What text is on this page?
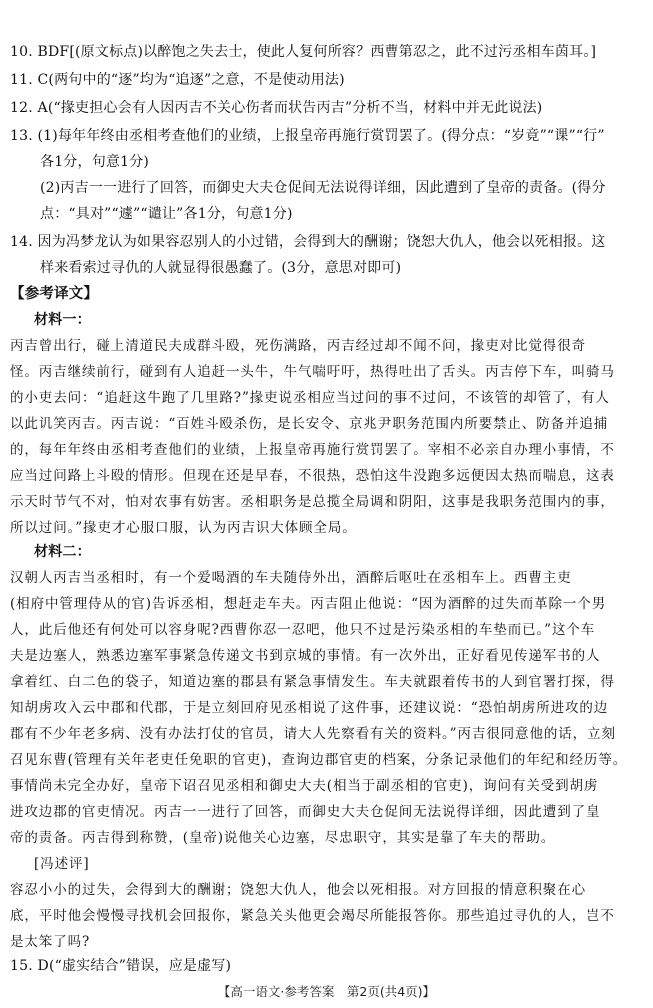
10. BDF[(原文标点)以醉饱之失去士，使此人复何所容？西曹第忍之，此不过污丞相车茵耳。]
11. C(两句中的“逐”均为“追逐”之意，不是使动用法)
12. A(“掾吏担心会有人因丙吉不关心伤者而状告丙吉”分析不当，材料中并无此说法)
13. (1)每年年终由丞相考查他们的业绩，上报皇帝再施行赏罚罢了。(得分点：“岁竟”“课”“行”
各1分，句意1分)
(2)丙吉一一进行了回答，而御史大夫仓促间无法说得详细，因此遭到了皇帝的责备。(得分
点：“具对”“遽”“谴让”各1分，句意1分)
14. 因为冯梦龙认为如果容忍别人的小过错，会得到大的酬谢；饶恕大仇人，他会以死相报。这
样来看索过寻仇的人就显得很愚蠢了。(3分，意思对即可)
【参考译文】
材料一：
丙吉曾出行，碰上清道民夫成群斗殴，死伤满路，丙吉经过却不闻不问，掾吏对比觉得很奇
怪。丙吉继续前行，碰到有人追赶一头牛，牛气喘吁吁，热得吐出了舌头。丙吉停下车，叫骑马
的小吏去问：“追赶这牛跑了几里路?”掾吏说丞相应当过问的事不过问，不该管的却管了，有人
以此讥笑丙吉。丙吉说：“百姓斗殴杀伤，是长安令、京兆尹职务范围内所要禁止、防备并追捕
的，每年年终由丞相考查他们的业绩，上报皇帝再施行赏罚罢了。宰相不必亲自办理小事情，不
应当过问路上斗殴的情形。但现在还是早春，不很热，恐怕这牛没跑多远便因太热而喘息，这表
示天时节气不对，怕对农事有妨害。丞相职务是总揽全局调和阴阳，这事是我职务范围内的事，
所以过问。”掾吏才心服口服，认为丙吉识大体顾全局。
材料二：
汉朝人丙吉当丞相时，有一个爱喝酒的车夫随侍外出，酒醉后呕吐在丞相车上。西曹主吏
(相府中管理侍从的官)告诉丞相，想赶走车夫。丙吉阻止他说：“因为酒醉的过失而革除一个男
人，此后他还有何处可以容身呢?西曹你忍一忍吧，他只不过是污染丞相的车垫而已。”这个车
夫是边塞人，熟悉边塞军事紧急传递文书到京城的事情。有一次外出，正好看见传递军书的人
拿着红、白二色的袋子，知道边塞的郡县有紧急事情发生。车夫就跟着传书的人到官署打探，得
知胡虏攻入云中郡和代郡，于是立刻回府见丞相说了这件事，还建议说：“恐怕胡虏所进攻的边
郡有不少年老多病、没有办法打仗的官员，请大人先察看有关的资料。”丙吉很同意他的话，立刻
召见东曹(管理有关年老吏任免职的官吏)，查询边郡官吏的档案，分条记录他们的年纪和经历等。
事情尚未完全办好，皇帝下诏召见丞相和御史大夫(相当于副丞相的官吏)，询问有关受到胡虏
进攻边郡的官吏情况。丙吉一一进行了回答，而御史大夫仓促间无法说得详细，因此遭到了皇
帝的责备。丙吉得到称赞，(皇帝)说他关心边塞，尽忠职守，其实是靠了车夫的帮助。
[冯述评]
容忍小小的过失，会得到大的酬谢；饶恕大仇人，他会以死相报。对方回报的情意积聚在心
底，平时他会慢慢寻找机会回报你，紧急关头他更会竭尽所能报答你。那些追过寻仇的人，岂不
是太笨了吗?
15. D(“虚实结合”错误，应是虚写)
【高一语文·参考答案　第2页(共4页)】
